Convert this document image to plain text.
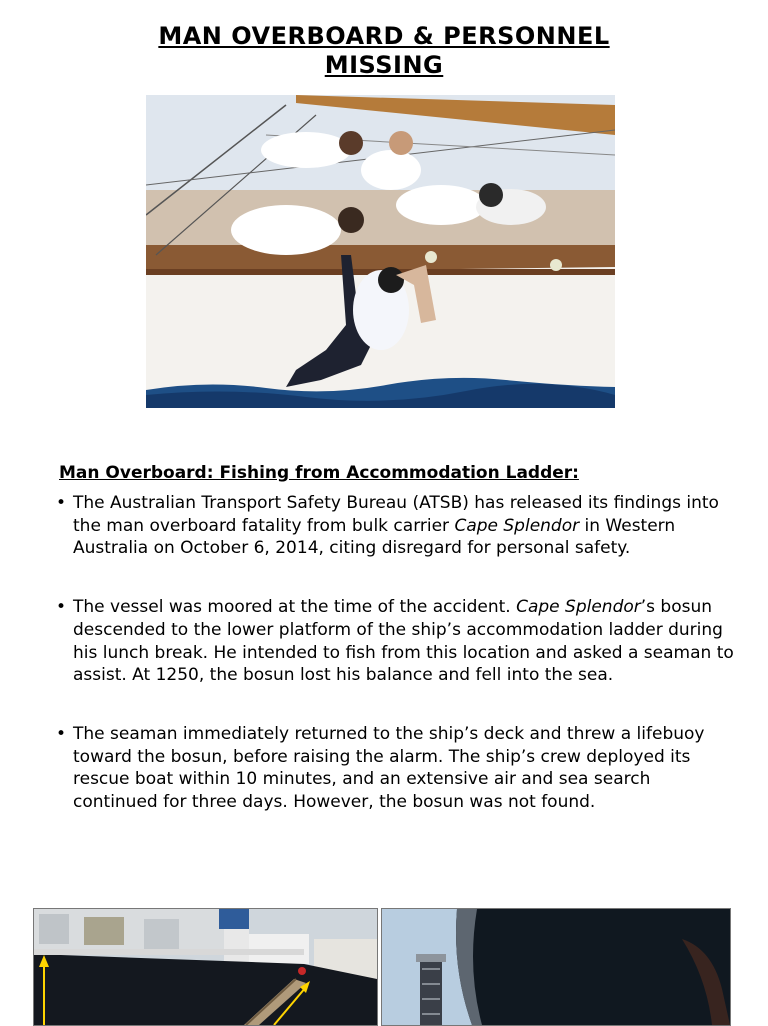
MAN OVERBOARD & PERSONNEL
MISSING
Man Overboard: Fishing from Accommodation Ladder:
• The Australian Transport Safety Bureau (ATSB) has released its findings into the man overboard fatality from bulk carrier Cape Splendor in Western Australia on October 6, 2014, citing disregard for personal safety.
• The vessel was moored at the time of the accident. Cape Splendor’s bosun descended to the lower platform of the ship’s accommodation ladder during his lunch break. He intended to fish from this location and asked a seaman to assist. At 1250, the bosun lost his balance and fell into the sea.
• The seaman immediately returned to the ship’s deck and threw a lifebuoy toward the bosun, before raising the alarm. The ship’s crew deployed its rescue boat within 10 minutes, and an extensive air and sea search continued for three days. However, the bosun was not found.
